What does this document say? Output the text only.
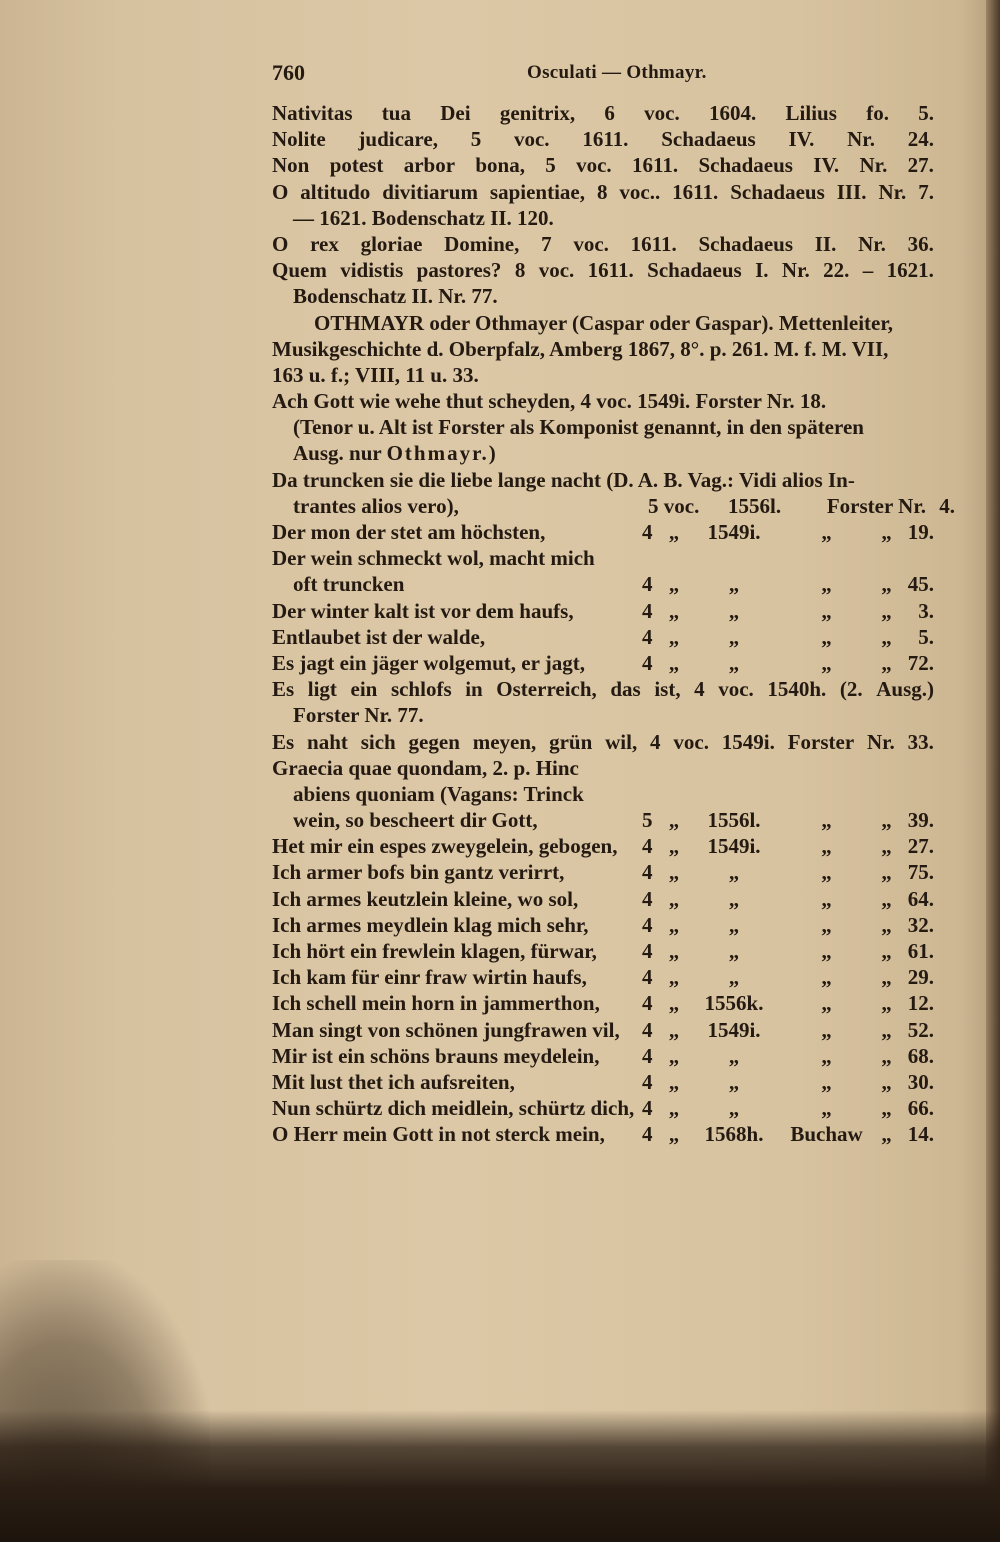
760	Osculati — Othmayr.
Nativitas tua Dei genitrix, 6 voc. 1604. Lilius fo. 5.
Nolite judicare, 5 voc. 1611. Schadaeus IV. Nr. 24.
Non potest arbor bona, 5 voc. 1611. Schadaeus IV. Nr. 27.
O altitudo divitiarum sapientiae, 8 voc.. 1611. Schadaeus III. Nr. 7.
— 1621. Bodenschatz II. 120.
O rex gloriae Domine, 7 voc. 1611. Schadaeus II. Nr. 36.
Quem vidistis pastores? 8 voc. 1611. Schadaeus I. Nr. 22. – 1621.
Bodenschatz II. Nr. 77.
OTHMAYR oder Othmayer (Caspar oder Gaspar). Mettenleiter,
Musikgeschichte d. Oberpfalz, Amberg 1867, 8°. p. 261. M. f. M. VII,
163 u. f.; VIII, 11 u. 33.
Ach Gott wie wehe thut scheyden, 4 voc. 1549i. Forster Nr. 18.
(Tenor u. Alt ist Forster als Komponist genannt, in den späteren
Ausg. nur Othmayr.)
Da truncken sie die liebe lange nacht (D. A. B. Vag.: Vidi alios In-
trantes alios vero),	5 voc.	1556l.	Forster Nr. 4.
Der mon der stet am höchsten,	4 „	1549i.	„	„ 19.
Der wein schmeckt wol, macht mich
oft truncken	4 „	„	„	„ 45.
Der winter kalt ist vor dem haufs,	4 „	„	„	„	3.
Entlaubet ist der walde,	4 „	„	„	„	5.
Es jagt ein jäger wolgemut, er jagt,	4 „	„	„	„ 72.
Es ligt ein schlofs in Osterreich, das ist, 4 voc. 1540h. (2. Ausg.)
Forster Nr. 77.
Es naht sich gegen meyen, grün wil, 4 voc. 1549i. Forster Nr. 33.
Graecia quae quondam, 2. p. Hinc
abiens quoniam (Vagans: Trinck
wein, so bescheert dir Gott,	5 „	1556l.	„	„ 39.
Het mir ein espes zweygelein, gebogen,	4 „	1549i.	„	„ 27.
Ich armer bofs bin gantz verirrt,	4 „	„	„	„ 75.
Ich armes keutzlein kleine, wo sol,	4 „	„	„	„ 64.
Ich armes meydlein klag mich sehr,	4 „	„	„	„ 32.
Ich hört ein frewlein klagen, fürwar,	4 „	„	„	„ 61.
Ich kam für einr fraw wirtin haufs,	4 „	„	„	„ 29.
Ich schell mein horn in jammerthon,	4 „	1556k.	„	„ 12.
Man singt von schönen jungfrawen vil,	4 „	1549i.	„	„ 52.
Mir ist ein schöns brauns meydelein,	4 „	„	„	„ 68.
Mit lust thet ich aufsreiten,	4 „	„	„	„ 30.
Nun schürtz dich meidlein, schürtz dich, 4 „	„	„	„ 66.
O Herr mein Gott in not sterck mein,	4 „	1568h.	Buchaw „ 14.
